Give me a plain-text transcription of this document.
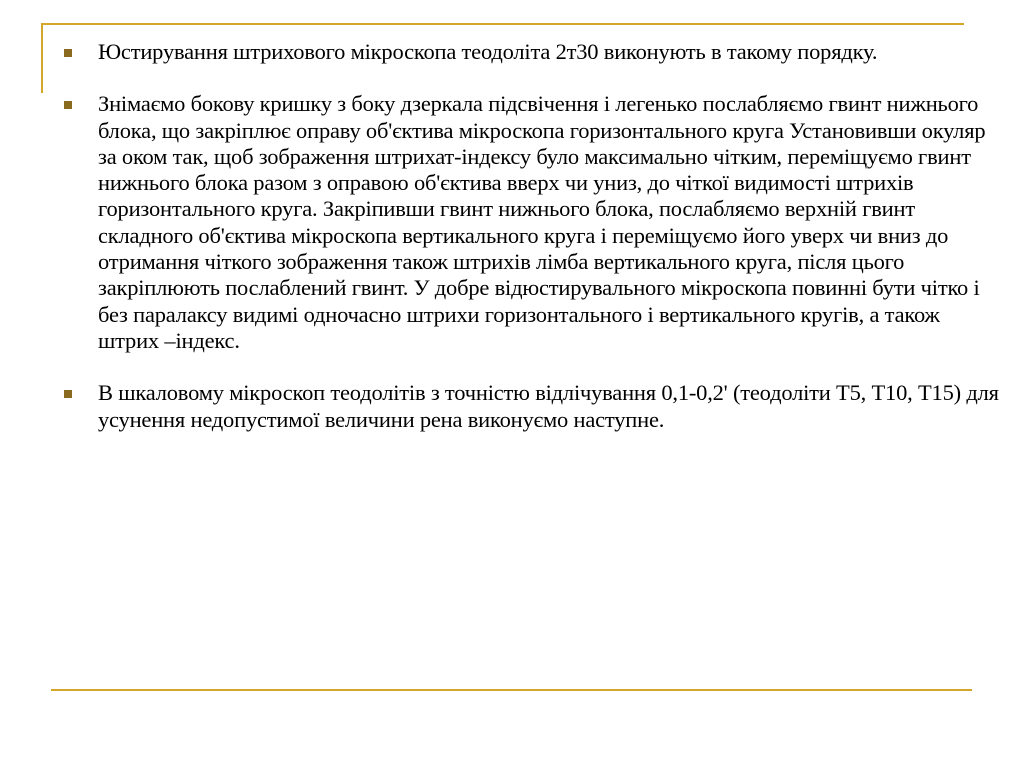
Юстирування штрихового мікроскопа теодоліта 2т30 виконують в такому порядку.
Знімаємо бокову кришку з боку дзеркала підсвічення і легенько послабляємо гвинт нижнього блока, що закріплює оправу об'єктива мікроскопа горизонтального круга Установивши окуляр за оком так, щоб зображення штрихат-індексу було максимально чітким, переміщуємо гвинт нижнього блока разом з оправою об'єктива вверх чи униз, до чіткої видимості штрихів горизонтального круга. Закріпивши гвинт нижнього блока, послабляємо верхній гвинт складного об'єктива мікроскопа вертикального круга і переміщуємо його уверх чи вниз до отримання чіткого зображення також штрихів лімба вертикального круга, після цього закріплюють послаблений гвинт. У добре відюстирувального мікроскопа повинні бути чітко і без паралаксу видимі одночасно штрихи горизонтального і вертикального кругів, а також штрих –індекс.
В шкаловому мікроскоп теодолітів з точністю відлічування 0,1-0,2' (теодоліти Т5, Т10, Т15) для усунення недопустимої величини рена виконуємо наступне.
